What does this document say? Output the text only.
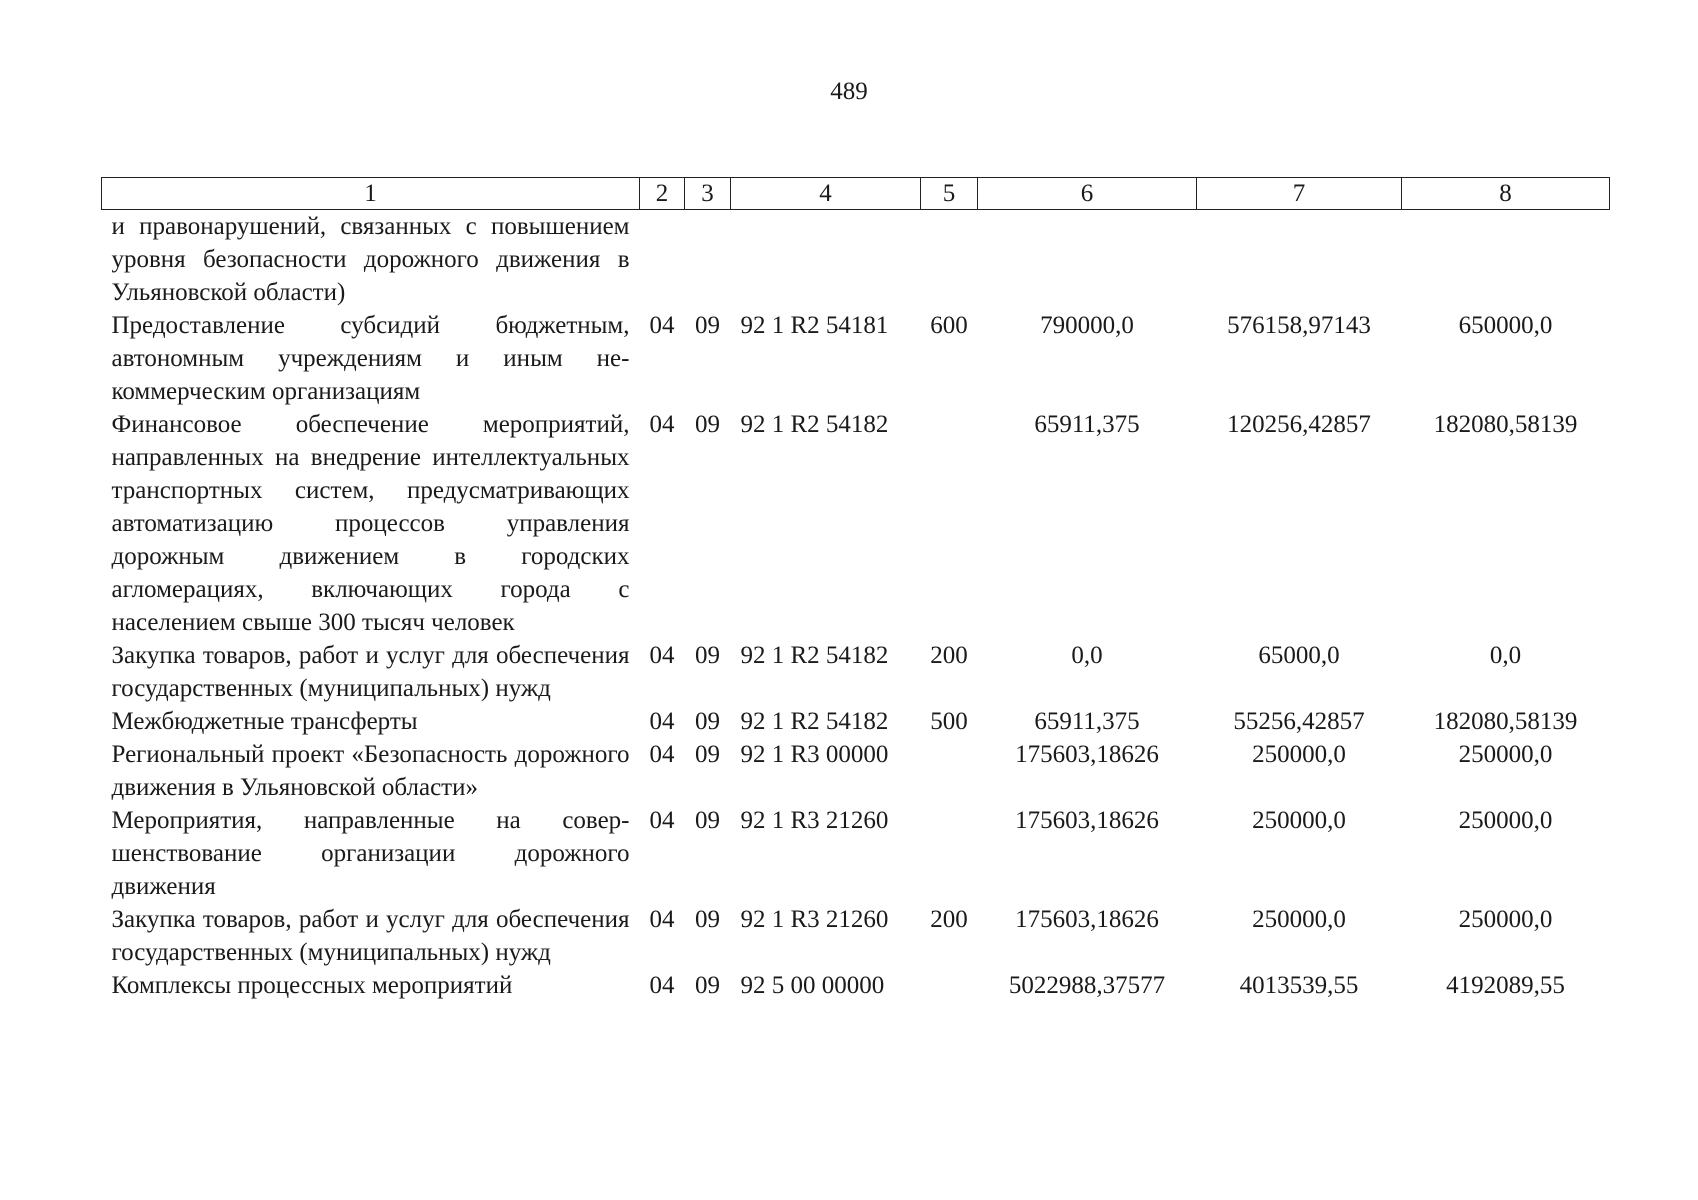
489
1	2	3	4	5	6	7	8
и правонарушений, связанных с повышением уровня безопасности дорожного движения в Ульяновской области)							
Предоставление субсидий бюджетным, автономным учреждениям и иным некоммерческим организациям	04	09	92 1 R2 54181	600	790000,0	576158,97143	650000,0
Финансовое обеспечение мероприятий, направленных на внедрение интеллектуальных транспортных систем, предусматривающих автоматизацию процессов управления дорожным движением в городских агломерациях, включающих города с населением свыше 300 тысяч человек	04	09	92 1 R2 54182		65911,375	120256,42857	182080,58139
Закупка товаров, работ и услуг для обеспечения государственных (муниципальных) нужд	04	09	92 1 R2 54182	200	0,0	65000,0	0,0
Межбюджетные трансферты	04	09	92 1 R2 54182	500	65911,375	55256,42857	182080,58139
Региональный проект «Безопасность дорожного движения в Ульяновской области»	04	09	92 1 R3 00000		175603,18626	250000,0	250000,0
Мероприятия, направленные на совершенствование организации дорожного движения	04	09	92 1 R3 21260		175603,18626	250000,0	250000,0
Закупка товаров, работ и услуг для обеспечения государственных (муниципальных) нужд	04	09	92 1 R3 21260	200	175603,18626	250000,0	250000,0
Комплексы процессных мероприятий	04	09	92 5 00 00000		5022988,37577	4013539,55	4192089,55
